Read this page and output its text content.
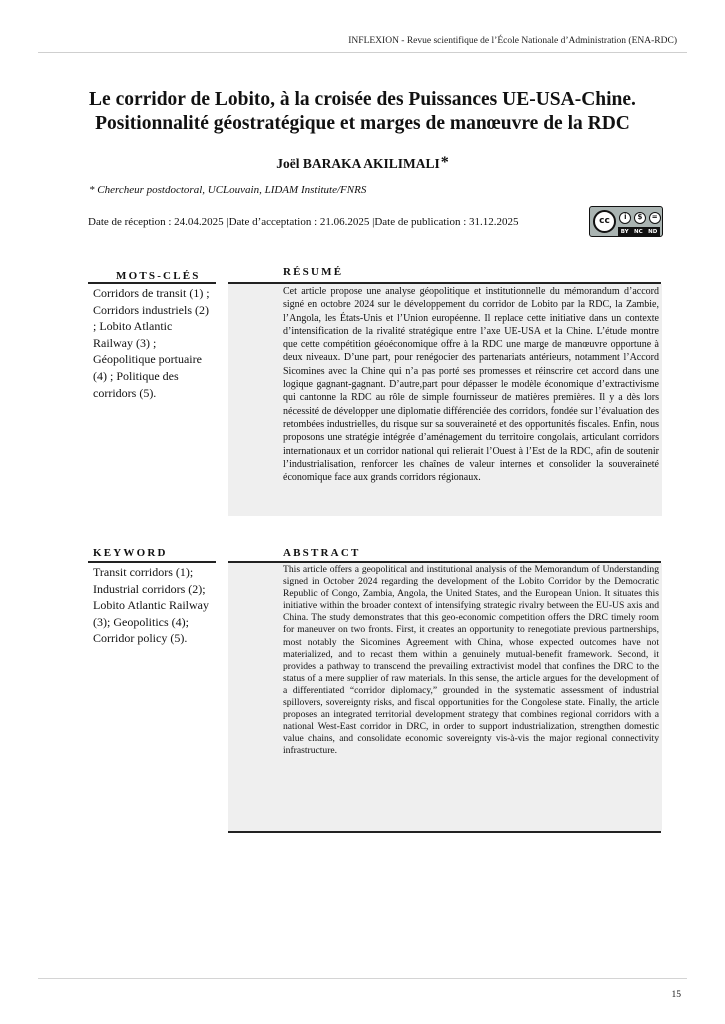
INFLEXION - Revue scientifique de l’École Nationale d’Administration (ENA-RDC)
Le corridor de Lobito, à la croisée des Puissances UE-USA-Chine.
Positionnalité géostratégique et marges de manœuvre de la RDC
Joël BARAKA AKILIMALI*
* Chercheur postdoctoral, UCLouvain, LIDAM Institute/FNRS
Date de réception : 24.04.2025 |Date d’acceptation : 21.06.2025 |Date de publication : 31.12.2025	cc	i	$	=
BY NC ND
MOTS-CLÉS	RÉSUMÉ
Corridors de transit (1) ; Corridors industriels (2) ; Lobito Atlantic Railway (3) ; Géopolitique portuaire (4) ; Politique des corridors (5).
Cet article propose une analyse géopolitique et institutionnelle du mémorandum d’accord signé en octobre 2024 sur le développement du corridor de Lobito par la RDC, la Zambie, l’Angola, les États-Unis et l’Union européenne. Il replace cette initiative dans un contexte d’intensification de la rivalité stratégique entre l’axe UE-USA et la Chine. L’étude montre que cette compétition géoéconomique offre à la RDC une marge de manœuvre opportune à deux niveaux. D’une part, pour renégocier des partenariats antérieurs, notamment l’Accord Sicomines avec la Chine qui n’a pas porté ses promesses et réinscrire cet accord dans une logique gagnant-gagnant. D’autre,part pour dépasser le modèle économique d’extractivisme qui cantonne la RDC au rôle de simple fournisseur de matières premières. Il y a dès lors nécessité de développer une diplomatie différenciée des corridors, fondée sur l’évaluation des retombées industrielles, du risque sur sa souveraineté et des opportunités fiscales. Enfin, nous proposons une stratégie intégrée d’aménagement du territoire congolais, articulant corridors internationaux et un corridor national qui relierait l’Ouest à l’Est de la RDC, afin de soutenir l’industrialisation, renforcer les chaînes de valeur internes et consolider la souveraineté économique face aux grands corridors régionaux.
KEYWORD	ABSTRACT
Transit corridors (1); Industrial corridors (2); Lobito Atlantic Railway (3); Geopolitics (4); Corridor policy (5).
This article offers a geopolitical and institutional analysis of the Memorandum of Understanding signed in October 2024 regarding the development of the Lobito Corridor by the Democratic Republic of Congo, Zambia, Angola, the United States, and the European Union. It situates this initiative within the broader context of intensifying strategic rivalry between the EU-US axis and China. The study demonstrates that this geo-economic competition offers the DRC timely room for maneuver on two fronts. First, it creates an opportunity to renegotiate previous partnerships, most notably the Sicomines Agreement with China, whose expected outcomes have not materialized, and to recast them within a genuinely mutual-benefit framework. Second, it provides a pathway to transcend the prevailing extractivist model that confines the DRC to the status of a mere supplier of raw materials. In this sense, the article argues for the development of a differentiated “corridor diplomacy,” grounded in the systematic assessment of industrial spillovers, sovereignty risks, and fiscal opportunities for the Congolese state. Finally, the article proposes an integrated territorial development strategy that combines regional corridors with a national West-East corridor in DRC, in order to support industrialization, strengthen domestic value chains, and consolidate economic sovereignty vis-à-vis the major regional connectivity infrastructure.
15
